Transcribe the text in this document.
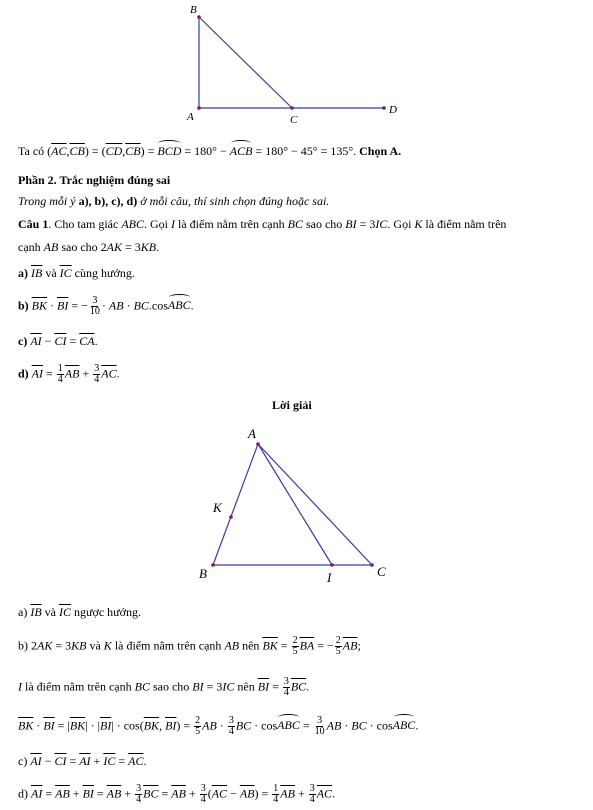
B
A	C
D
Ta có $(\overline{AC},\overline{CB}) = (\overline{CD},\overline{CB})$ = BCD = 180° − ACB = 180° − 45° = 135°. Chọn A.
Phần 2. Trắc nghiệm đúng sai
Trong mỗi ý a), b), c), d) ở mỗi câu, thí sinh chọn đúng hoặc sai.
Câu 1. Cho tam giác ABC. Gọi I là điểm nằm trên cạnh BC sao cho BI = 3IC. Gọi K là điểm nằm trên
cạnh AB sao cho 2AK = 3KB.
a) $\overline{IB}$ và $\overline{IC}$ cùng hướng.
b) $\overline{BK} \cdot \overline{BI}$ = − $\frac{3}{10}$ · AB · BC.cosABC.
c) $\overline{AI} - \overline{CI} = \overline{CA}$.
d) $\overline{AI} = \frac{1}{4} \overline{AB} + \frac{3}{4} \overline{AC}$.
Lời giải
A
K
B	I	C
a) $\overline{IB}$ và $\overline{IC}$ ngược hướng.
b) 2AK = 3KB và K là điểm nằm trên cạnh AB nên $\overline{BK} = \frac{2}{5} \overline{BA}$ = − $\frac{2}{5} \overline{AB}$;
I là điểm nằm trên cạnh BC sao cho BI = 3IC nên $\overline{BI} = \frac{3}{4} \overline{BC}$.
$\overline{BK} \cdot \overline{BI} = |\overline{BK}| \cdot |\overline{BI}| \cdot \cos(\overline{BK}$, $\overline{BI}) = \frac{2}{5}$ AB · $\frac{3}{4}$ BC · cosABC = $\frac{3}{10}$ AB · BC · cosABC.
c) $\overline{AI} - \overline{CI} = \overline{AI} + \overline{IC} = \overline{AC}$.
d) $\overline{AI} = \overline{AB} + \overline{BI} = \overline{AB} + \frac{3}{4} \overline{BC} = \overline{AB} + \frac{3}{4} (\overline{AC} - \overline{AB}) = \frac{1}{4} \overline{AB} + \frac{3}{4} \overline{AC}$.
